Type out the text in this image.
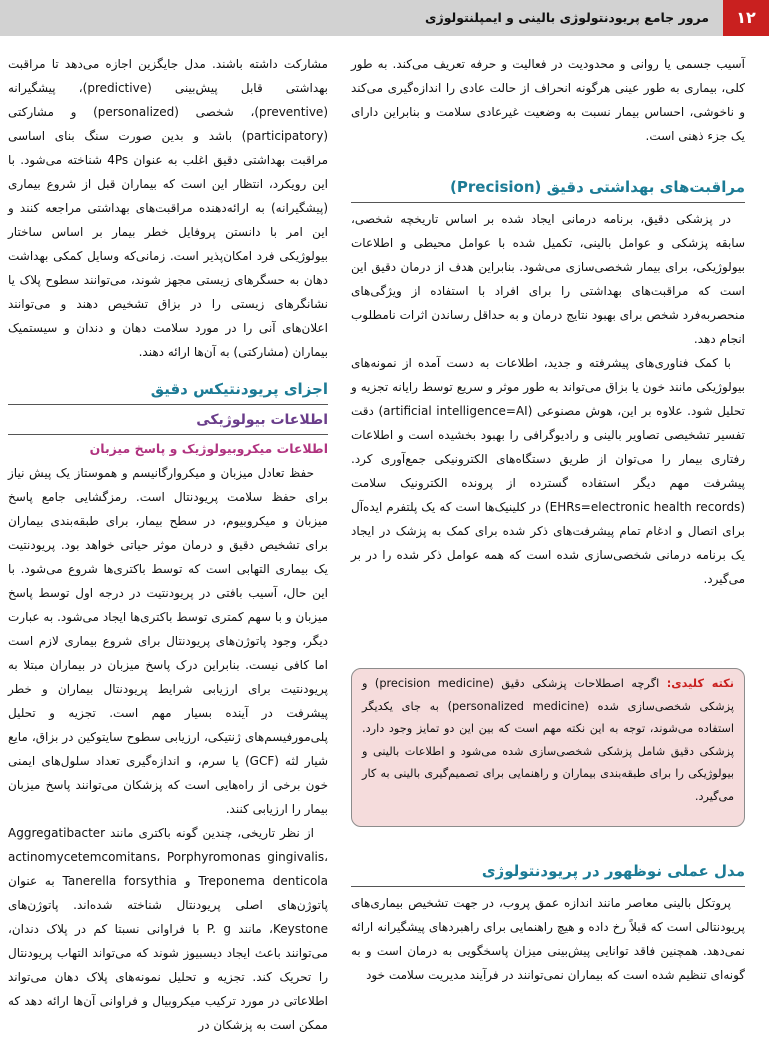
۱۲
مرور جامع پریودنتولوژی بالینی و ایمپلنتولوژی

آسیب جسمی یا روانی و محدودیت در فعالیت و حرفه تعریف می‌کند. به طور کلی، بیماری به طور عینی هرگونه انحراف از حالت عادی را اندازه‌گیری می‌کند و ناخوشی، احساس بیمار نسبت به وضعیت غیرعادی سلامت و بنابراین دارای یک جزء ذهنی است.

مراقبت‌های بهداشتی دقیق (Precision)

در پزشکی دقیق، برنامه درمانی ایجاد شده بر اساس تاریخچه شخصی، سابقه پزشکی و عوامل بالینی، تکمیل شده با عوامل محیطی و اطلاعات بیولوژیکی، برای بیمار شخصی‌سازی می‌شود. بنابراین هدف از درمان دقیق این است که مراقبت‌های بهداشتی را برای افراد با استفاده از ویژگی‌های منحصربه‌فرد شخص برای بهبود نتایج درمان و به حداقل رساندن اثرات نامطلوب انجام دهد.

با کمک فناوری‌های پیشرفته و جدید، اطلاعات به دست آمده از نمونه‌های بیولوژیکی مانند خون یا بزاق می‌تواند به طور موثر و سریع توسط رایانه تجزیه و تحلیل شود. علاوه بر این، هوش مصنوعی (artificial intelligence=AI) دقت تفسیر تشخیصی تصاویر بالینی و رادیوگرافی را بهبود بخشیده است و اطلاعات رفتاری بیمار را می‌توان از طریق دستگاه‌های الکترونیکی جمع‌آوری کرد. پیشرفت مهم دیگر استفاده گسترده از پرونده الکترونیک سلامت (EHRs=electronic health records) در کلینیک‌ها است که یک پلتفرم ایده‌آل برای اتصال و ادغام تمام پیشرفت‌های ذکر شده برای کمک به پزشک در ایجاد یک برنامه درمانی شخصی‌سازی شده است که همه عوامل ذکر شده را در بر می‌گیرد.

نکته کلیدی: اگرچه اصطلاحات پزشکی دقیق (precision medicine) و پزشکی شخصی‌سازی شده (personalized medicine) به جای یکدیگر استفاده می‌شوند، توجه به این نکته مهم است که بین این دو تمایز وجود دارد. پزشکی دقیق شامل پزشکی شخصی‌سازی شده می‌شود و اطلاعات بالینی و بیولوژیکی را برای طبقه‌بندی بیماران و راهنمایی برای تصمیم‌گیری بالینی به کار می‌گیرد.
مدل عملی نوظهور در پریودنتولوژی

پروتکل بالینی معاصر مانند اندازه عمق پروب، در جهت تشخیص بیماری‌های پریودنتالی است که قبلاً رخ داده و هیچ راهنمایی برای راهبردهای پیشگیرانه ارائه نمی‌دهد. همچنین فاقد توانایی پیش‌بینی میزان پاسخگویی به درمان است و به گونه‌ای تنظیم شده است که بیماران نمی‌توانند در فرآیند مدیریت سلامت خود

مشارکت داشته باشند. مدل جایگزین اجازه می‌دهد تا مراقبت بهداشتی قابل پیش‌بینی (predictive)، پیشگیرانه (preventive)، شخصی (personalized) و مشارکتی (participatory) باشد و بدین صورت سنگ بنای اساسی مراقبت بهداشتی دقیق اغلب به عنوان 4Ps شناخته می‌شود. با این رویکرد، انتظار این است که بیماران قبل از شروع بیماری (پیشگیرانه) به ارائه‌دهنده مراقبت‌های بهداشتی مراجعه کنند و این امر با دانستن پروفایل خطر بیمار بر اساس ساختار بیولوژیکی فرد امکان‌پذیر است. زمانی‌که وسایل کمکی بهداشت دهان به حسگرهای زیستی مجهز شوند، می‌توانند سطوح پلاک یا نشانگرهای زیستی را در بزاق تشخیص دهند و می‌توانند اعلان‌های آنی را در مورد سلامت دهان و دندان و سیستمیک بیماران (مشارکتی) به آن‌ها ارائه دهند.

اجزای پریودنتیکس دقیق
اطلاعات بیولوژیکی
اطلاعات میکروبیولوژیک و پاسخ میزبان

حفظ تعادل میزبان و میکروارگانیسم و هموستاز یک پیش نیاز برای حفظ سلامت پریودنتال است. رمزگشایی جامع پاسخ میزبان و میکروبیوم، در سطح بیمار، برای طبقه‌بندی بیماران برای تشخیص دقیق و درمان موثر حیاتی خواهد بود. پریودنتیت یک بیماری التهابی است که توسط باکتری‌ها شروع می‌شود. با این حال، آسیب بافتی در پریودنتیت در درجه اول توسط پاسخ میزبان و با سهم کمتری توسط باکتری‌ها ایجاد می‌شود. به عبارت دیگر، وجود پاتوژن‌های پریودنتال برای شروع بیماری لازم است اما کافی نیست. بنابراین درک پاسخ میزبان در بیماران مبتلا به پریودنتیت برای ارزیابی شرایط پریودنتال بیماران و خطر پیشرفت در آینده بسیار مهم است. تجزیه و تحلیل پلی‌مورفیسم‌های ژنتیکی، ارزیابی سطوح سایتوکین در بزاق، مایع شیار لثه (GCF) یا سرم، و اندازه‌گیری تعداد سلول‌های ایمنی خون برخی از راه‌هایی است که پزشکان می‌توانند پاسخ میزبان بیمار را ارزیابی کنند.

از نظر تاریخی، چندین گونه باکتری مانند Aggregatibacter actinomycetemcomitans، Porphyromonas gingivalis، Treponema denticola و Tanerella forsythia به عنوان پاتوژن‌های اصلی پریودنتال شناخته شده‌اند. پاتوژن‌های Keystone، مانند P. g با فراوانی نسبتا کم در پلاک دندان، می‌توانند باعث ایجاد دیسبیوز شوند که می‌تواند التهاب پریودنتال را تحریک کند. تجزیه و تحلیل نمونه‌های پلاک دهان می‌تواند اطلاعاتی در مورد ترکیب میکروبیال و فراوانی آن‌ها ارائه دهد که ممکن است به پزشکان در
